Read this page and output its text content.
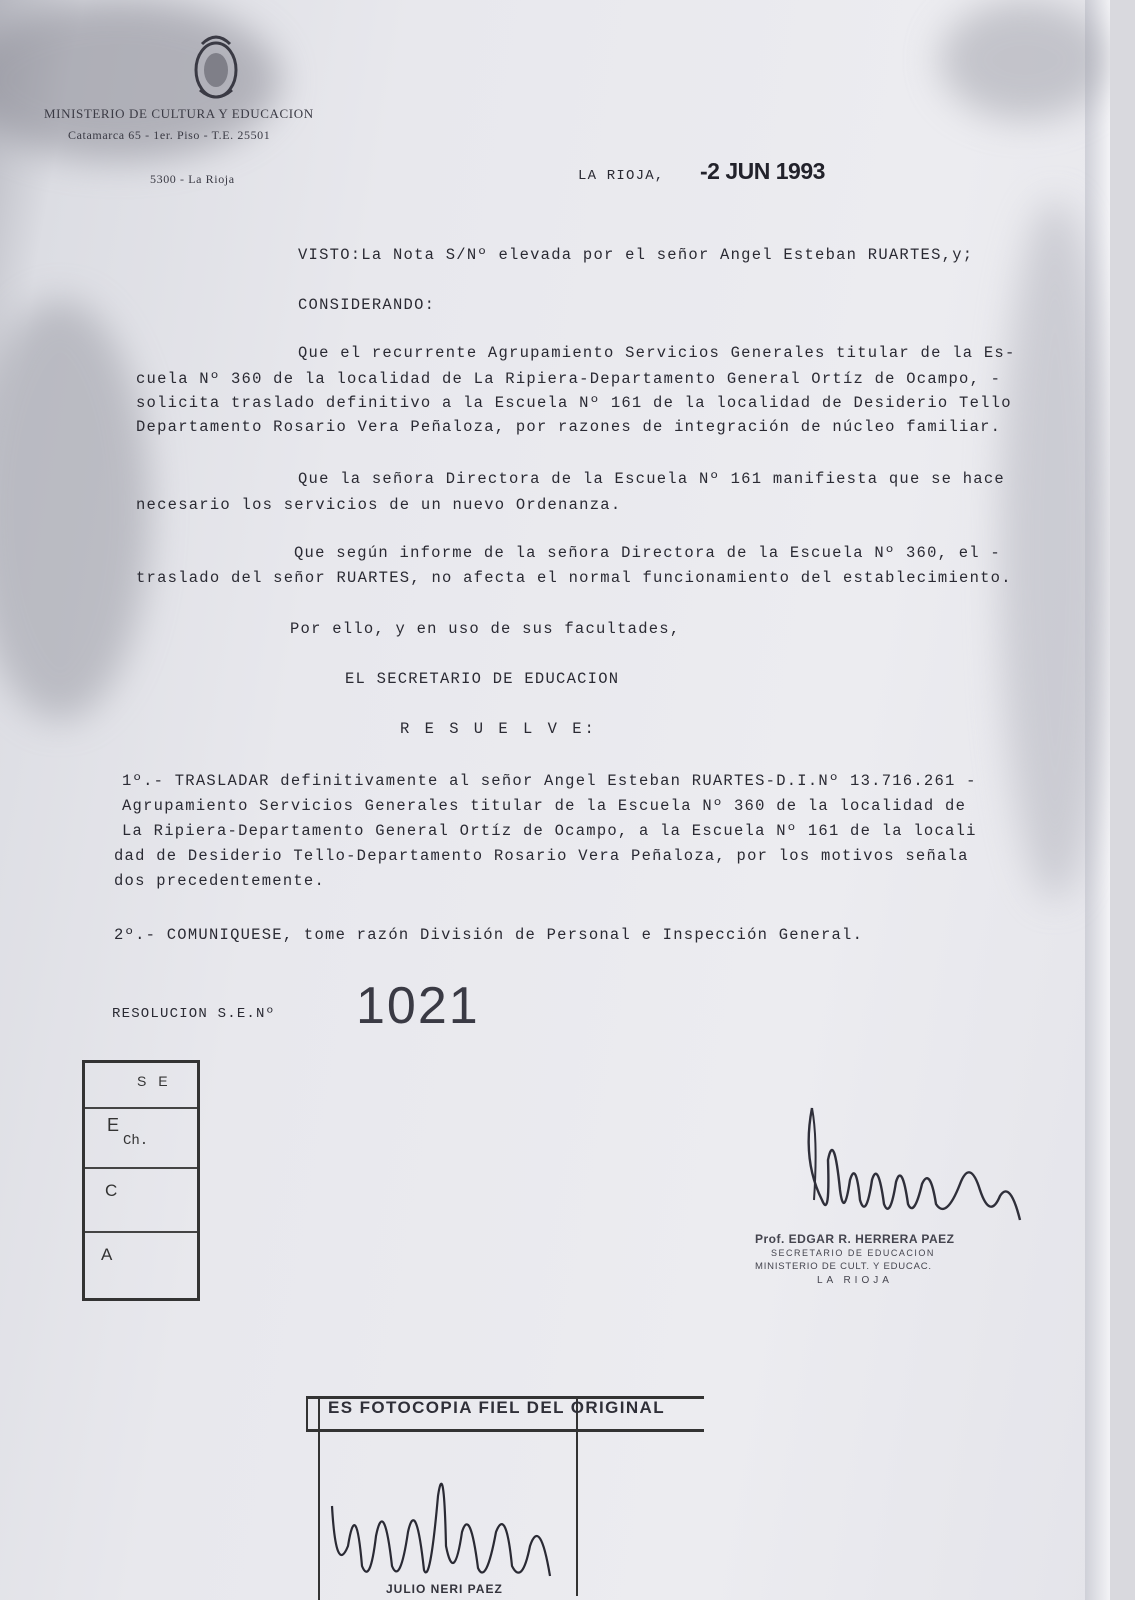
MINISTERIO DE CULTURA Y EDUCACION
Catamarca 65 - 1er. Piso - T.E. 25501
5300 - La Rioja	LA RIOJA, -2 JUN 1993
VISTO:La Nota S/Nº elevada por el señor Angel Esteban RUARTES,y;
CONSIDERANDO:
Que el recurrente Agrupamiento Servicios Generales titular de la Es-
cuela Nº 360 de la localidad de La Ripiera-Departamento General Ortíz de Ocampo, -
solicita traslado definitivo a la Escuela Nº 161 de la localidad de Desiderio Tello
Departamento Rosario Vera Peñaloza, por razones de integración de núcleo familiar.
Que la señora Directora de la Escuela Nº 161 manifiesta que se hace
necesario los servicios de un nuevo Ordenanza.
Que según informe de la señora Directora de la Escuela Nº 360, el -
traslado del señor RUARTES, no afecta el normal funcionamiento del establecimiento.
Por ello, y en uso de sus facultades,
EL SECRETARIO DE EDUCACION
R E S U E L V E:
1º.- TRASLADAR definitivamente al señor Angel Esteban RUARTES-D.I.Nº 13.716.261 -
Agrupamiento Servicios Generales titular de la Escuela Nº 360 de la localidad de
La Ripiera-Departamento General Ortíz de Ocampo, a la Escuela Nº 161 de la locali
dad de Desiderio Tello-Departamento Rosario Vera Peñaloza, por los motivos señala
dos precedentemente.
2º.- COMUNIQUESE, tome razón División de Personal e Inspección General.
RESOLUCION S.E.Nº 1021
S E
E
Ch.
C
A
Prof. EDGAR R. HERRERA PAEZ
SECRETARIO DE EDUCACION
MINISTERIO DE CULT. Y EDUCAC.
LA RIOJA
ES FOTOCOPIA FIEL DEL ORIGINAL
JULIO NERI PAEZ
